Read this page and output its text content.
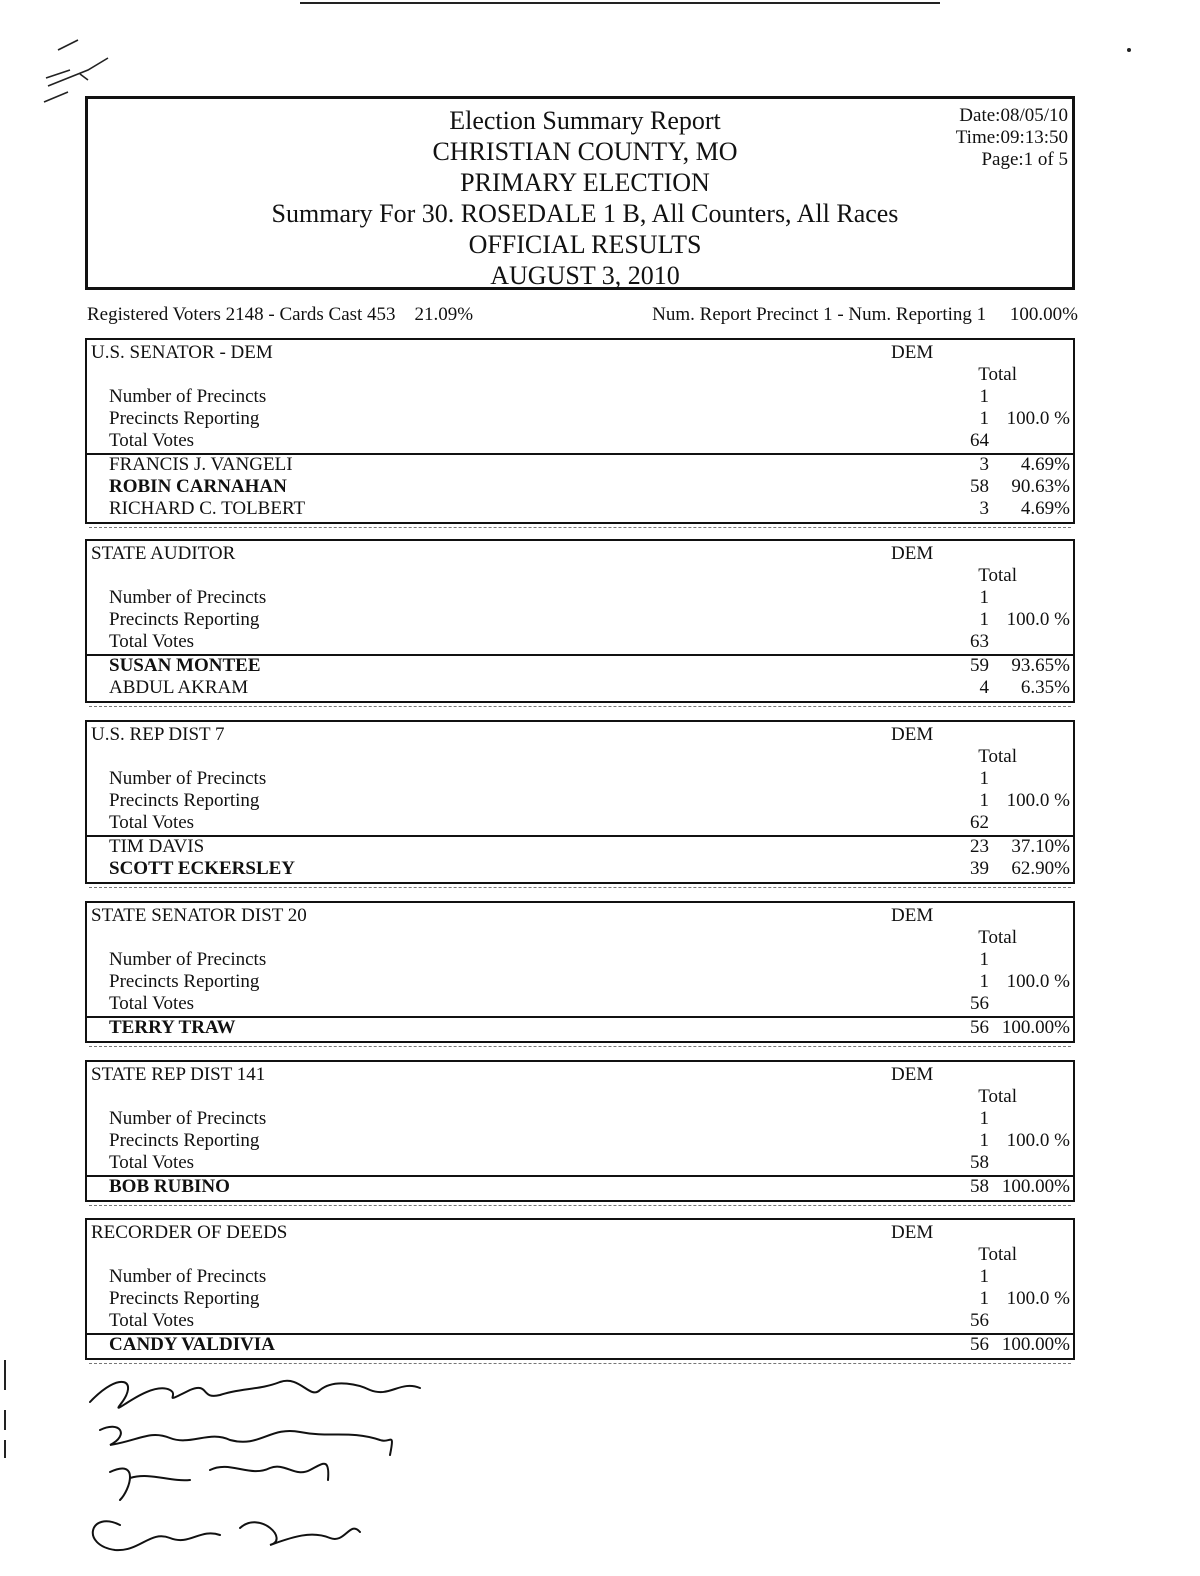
Election Summary Report
CHRISTIAN COUNTY, MO
PRIMARY ELECTION
Summary For 30. ROSEDALE 1 B, All Counters, All Races
OFFICIAL RESULTS
AUGUST 3, 2010
Date:08/05/10
Time:09:13:50
Page:1 of 5
Registered Voters 2148 - Cards Cast 453    21.09%	Num. Report Precinct 1 - Num. Reporting 1     100.00%
U.S. SENATOR - DEM	DEM
Total
Number of Precincts	1
Precincts Reporting	1 100.0 %
Total Votes	64
FRANCIS J. VANGELI	3	4.69%
ROBIN CARNAHAN	58	90.63%
RICHARD C. TOLBERT	3	4.69%
STATE AUDITOR	DEM
Total
Number of Precincts	1
Precincts Reporting	1 100.0 %
Total Votes	63
SUSAN MONTEE	59	93.65%
ABDUL AKRAM	4	6.35%
U.S. REP DIST 7	DEM
Total
Number of Precincts	1
Precincts Reporting	1 100.0 %
Total Votes	62
TIM DAVIS	23	37.10%
SCOTT ECKERSLEY	39	62.90%
STATE SENATOR DIST 20	DEM
Total
Number of Precincts	1
Precincts Reporting	1 100.0 %
Total Votes	56
TERRY TRAW	56 100.00%
STATE REP DIST 141	DEM
Total
Number of Precincts	1
Precincts Reporting	1 100.0 %
Total Votes	58
BOB RUBINO	58 100.00%
RECORDER OF DEEDS	DEM
Total
Number of Precincts	1
Precincts Reporting	1 100.0 %
Total Votes	56
CANDY VALDIVIA	56 100.00%
